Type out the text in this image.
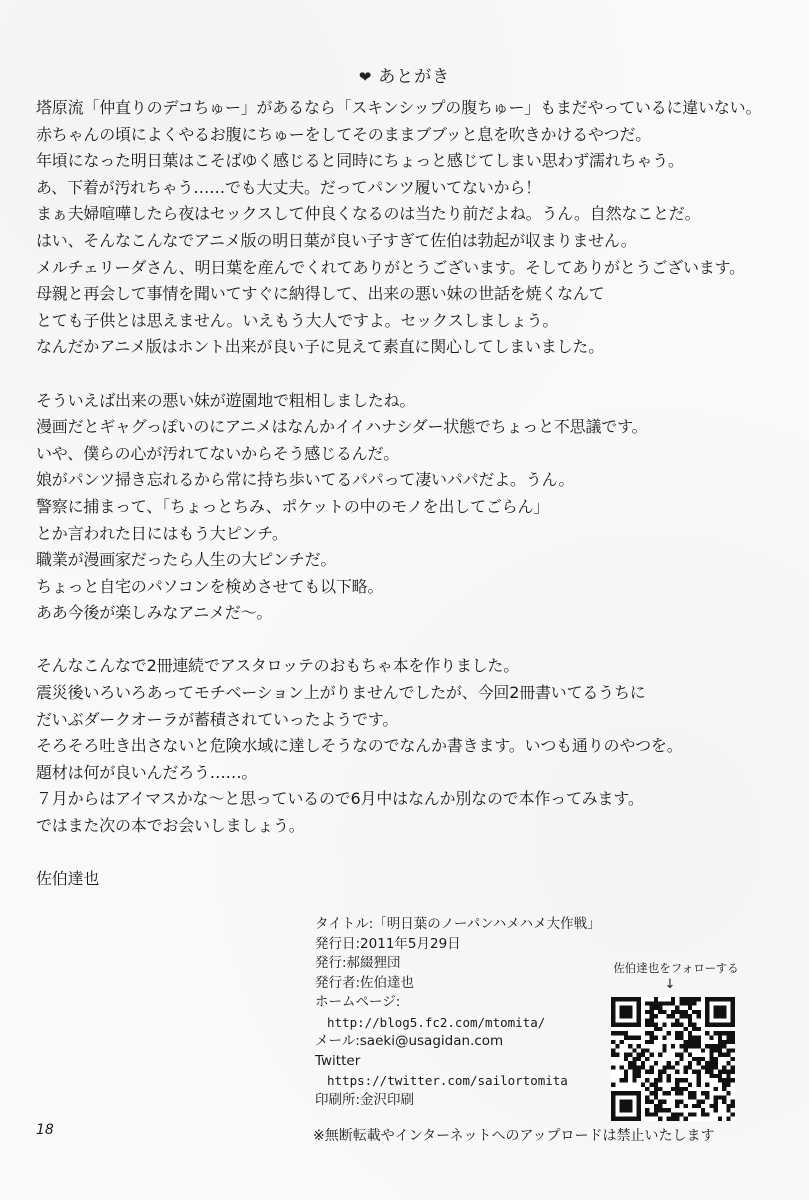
❤ あとがき
塔原流「仲直りのデコちゅー」があるなら「スキンシップの腹ちゅー」もまだやっているに違いない。
赤ちゃんの頃によくやるお腹にちゅーをしてそのままブブッと息を吹きかけるやつだ。
年頃になった明日葉はこそばゆく感じると同時にちょっと感じてしまい思わず濡れちゃう。
あ、下着が汚れちゃう……でも大丈夫。だってパンツ履いてないから！
まぁ夫婦喧嘩したら夜はセックスして仲良くなるのは当たり前だよね。うん。自然なことだ。
はい、そんなこんなでアニメ版の明日葉が良い子すぎて佐伯は勃起が収まりません。
メルチェリーダさん、明日葉を産んでくれてありがとうございます。そしてありがとうございます。
母親と再会して事情を聞いてすぐに納得して、出来の悪い妹の世話を焼くなんて
とても子供とは思えません。いえもう大人ですよ。セックスしましょう。
なんだかアニメ版はホント出来が良い子に見えて素直に関心してしまいました。
そういえば出来の悪い妹が遊園地で粗相しましたね。
漫画だとギャグっぽいのにアニメはなんかイイハナシダー状態でちょっと不思議です。
いや、僕らの心が汚れてないからそう感じるんだ。
娘がパンツ掃き忘れるから常に持ち歩いてるパパって凄いパパだよ。うん。
警察に捕まって、「ちょっとちみ、ポケットの中のモノを出してごらん」
とか言われた日にはもう大ピンチ。
職業が漫画家だったら人生の大ピンチだ。
ちょっと自宅のパソコンを検めさせても以下略。
ああ今後が楽しみなアニメだ～。
そんなこんなで2冊連続でアスタロッテのおもちゃ本を作りました。
震災後いろいろあってモチベーション上がりませんでしたが、今回2冊書いてるうちに
だいぶダークオーラが蓄積されていったようです。
そろそろ吐き出さないと危険水域に達しそうなのでなんか書きます。いつも通りのやつを。
題材は何が良いんだろう……。
７月からはアイマスかな～と思っているので6月中はなんか別なので本作ってみます。
ではまた次の本でお会いしましょう。
佐伯達也
タイトル:「明日葉のノーパンハメハメ大作戦」
発行日:2011年5月29日
発行:郝綴狸団
発行者:佐伯達也
ホームページ:
http://blog5.fc2.com/mtomita/
メール:saeki@usagidan.com
Twitter
https://twitter.com/sailortomita
印刷所:金沢印刷
佐伯達也をフォローする
↓
18	※無断転載やインターネットへのアップロードは禁止いたします
